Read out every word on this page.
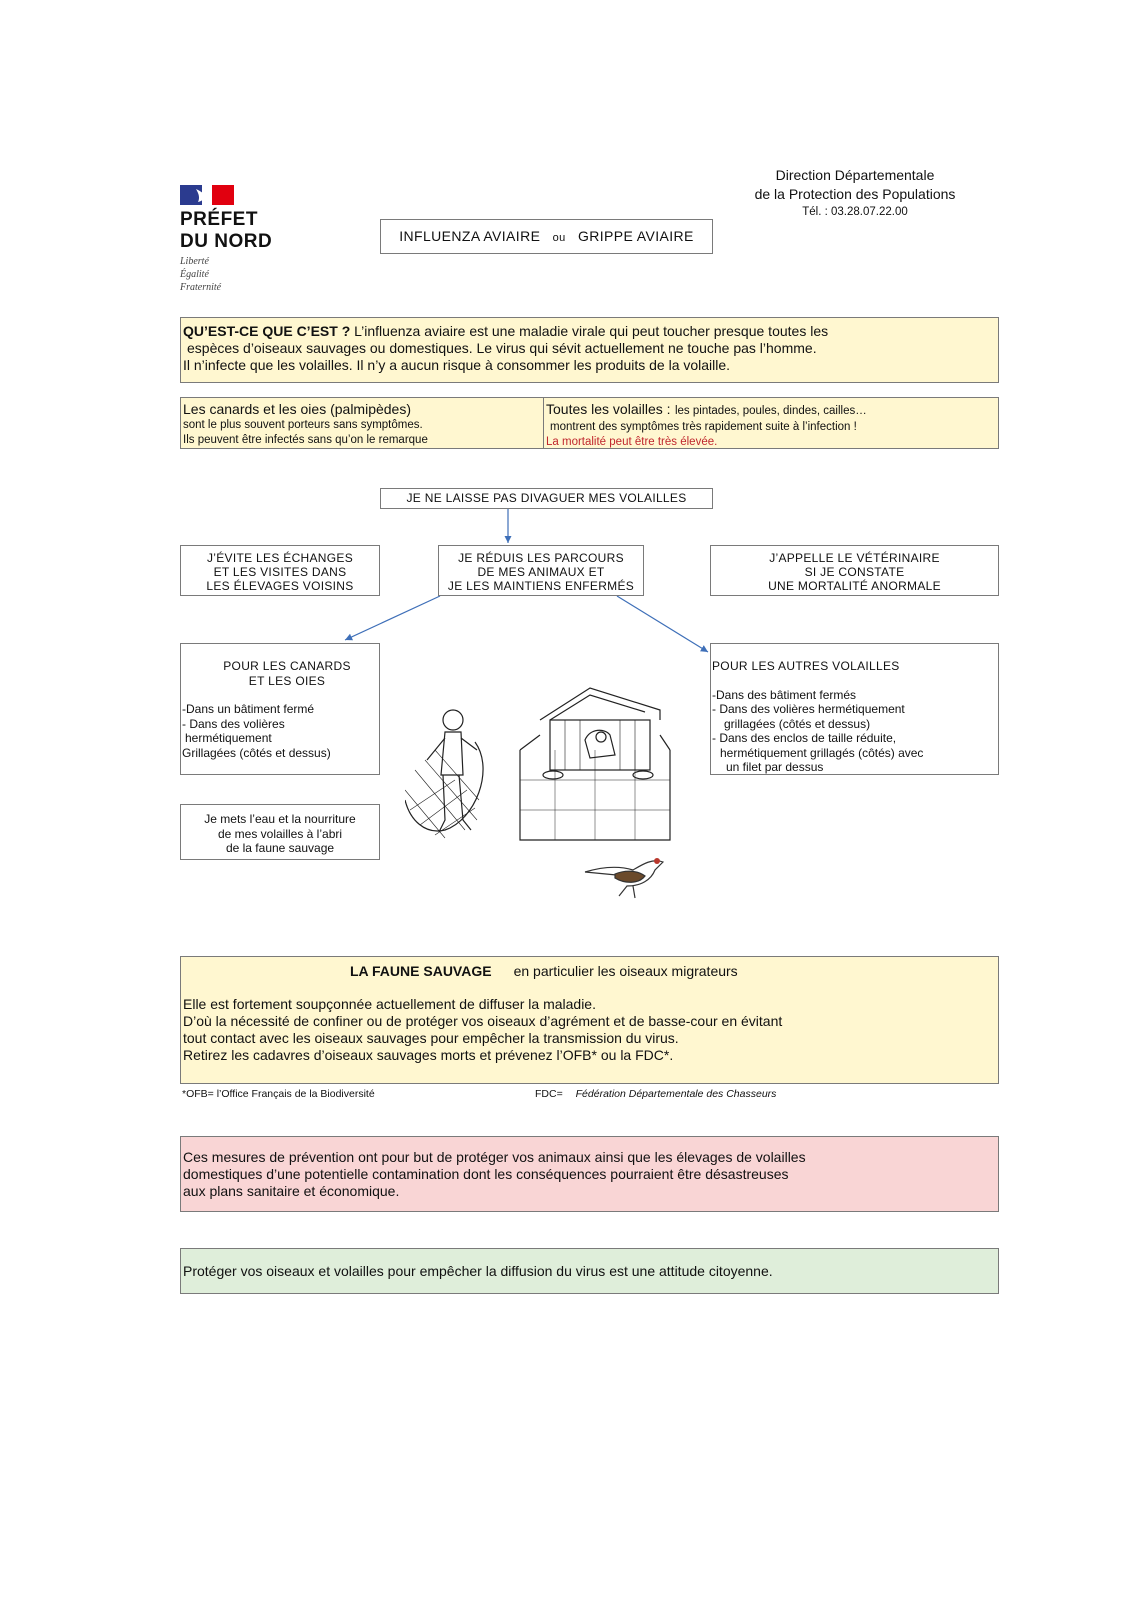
PRÉFET
DU NORD
Liberté
Égalité
Fraternité
INFLUENZA AVIAIRE ou GRIPPE AVIAIRE
Direction Départementale
de la Protection des Populations
Tél. : 03.28.07.22.00
QU’EST-CE QUE C’EST ? L’influenza aviaire est une maladie virale qui peut toucher presque toutes les
espèces d’oiseaux sauvages ou domestiques. Le virus qui sévit actuellement ne touche pas l’homme.
Il n’infecte que les volailles. Il n’y a aucun risque à consommer les produits de la volaille.
Les canards et les oies (palmipèdes)
sont le plus souvent porteurs sans symptômes.
Ils peuvent être infectés sans qu’on le remarque
Toutes les volailles : les pintades, poules, dindes, cailles…
montrent des symptômes très rapidement suite à l’infection !
La mortalité peut être très élevée.
JE NE LAISSE PAS DIVAGUER MES VOLAILLES
J’ÉVITE LES ÉCHANGES
ET LES VISITES DANS
LES ÉLEVAGES VOISINS
JE RÉDUIS LES PARCOURS
DE MES ANIMAUX ET
JE LES MAINTIENS ENFERMÉS
J’APPELLE LE VÉTÉRINAIRE
SI JE CONSTATE
UNE MORTALITÉ ANORMALE
POUR LES CANARDS
ET LES OIES
-Dans un bâtiment fermé
- Dans des volières
hermétiquement
Grillagées (côtés et dessus)
POUR LES AUTRES VOLAILLES
-Dans des bâtiment fermés
- Dans des volières hermétiquement
grillagées (côtés et dessus)
- Dans des enclos de taille réduite,
hermétiquement grillagés (côtés) avec
un filet par dessus
Je mets l’eau et la nourriture
de mes volailles à l’abri
de la faune sauvage
LA FAUNE SAUVAGE en particulier les oiseaux migrateurs
Elle est fortement soupçonnée actuellement de diffuser la maladie.
D’où la nécessité de confiner ou de protéger vos oiseaux d’agrément et de basse-cour en évitant
tout contact avec les oiseaux sauvages pour empêcher la transmission du virus.
Retirez les cadavres d’oiseaux sauvages morts et prévenez l’OFB* ou la FDC*.
*OFB= l’Office Français de la Biodiversité	FDC= Fédération Départementale des Chasseurs
Ces mesures de prévention ont pour but de protéger vos animaux ainsi que les élevages de volailles
domestiques d’une potentielle contamination dont les conséquences pourraient être désastreuses
aux plans sanitaire et économique.
Protéger vos oiseaux et volailles pour empêcher la diffusion du virus est une attitude citoyenne.
